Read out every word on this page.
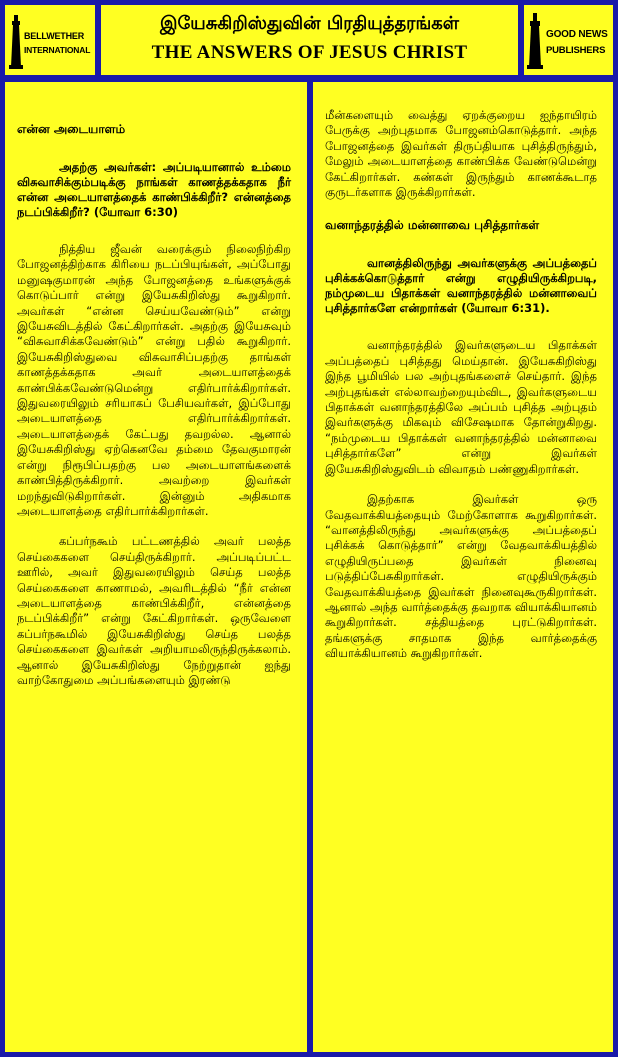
BELLWETHER
INTERNATIONAL
இயேசுகிறிஸ்துவின் பிரதியுத்தரங்கள்
THE ANSWERS OF JESUS CHRIST
GOOD NEWS
PUBLISHERS

என்ன அடையாளம்

அதற்கு அவர்கள்: அப்படியானால் உம்மை விசுவாசிக்கும்படிக்கு நாங்கள் காணத்தக்கதாக நீர் என்ன அடையாளத்தைக் காண்பிக்கிறீர்? என்னத்தை நடப்பிக்கிறீர்? (யோவா 6:30)

நித்திய ஜீவன் வரைக்கும் நிலைநிற்கிற போஜனத்திற்காக கிரியை நடப்பியுங்கள், அப்போது மனுஷகுமாரன் அந்த போஜனத்தை உங்களுக்குக் கொடுப்பார் என்று இயேசுகிறிஸ்து கூறுகிறார். அவர்கள் “என்ன செய்யவேண்டும்” என்று இயேசுவிடத்தில் கேட்கிறார்கள். அதற்கு இயேசுவும் “விசுவாசிக்கவேண்டும்” என்று பதில் கூறுகிறார். இயேசுகிறிஸ்துவை விசுவாசிப்பதற்கு தாங்கள் காணத்தக்கதாக அவர் அடையாளத்தைக் காண்பிக்கவேண்டுமென்று எதிர்பார்க்கிறார்கள். இதுவரையிலும் சரியாகப் பேசியவர்கள், இப்போது அடையாளத்தை எதிர்பார்க்கிறார்கள். அடையாளத்தைக் கேட்பது தவறல்ல. ஆனால் இயேசுகிறிஸ்து ஏற்கெனவே தம்மை தேவகுமாரன் என்று நிரூபிப்பதற்கு பல அடையாளங்களைக் காண்பித்திருக்கிறார். அவற்றை இவர்கள் மறந்துவிடுகிறார்கள். இன்னும் அதிகமாக அடையாளத்தை எதிர்பார்க்கிறார்கள்.

கப்பர்நகூம் பட்டணத்தில் அவர் பலத்த செய்கைகளை செய்திருக்கிறார். அப்படிப்பட்ட ஊரில், அவர் இதுவரையிலும் செய்த பலத்த செய்கைகளை காணாமல், அவரிடத்தில் “நீர் என்ன அடையாளத்தை காண்பிக்கிறீர், என்னத்தை நடப்பிக்கிறீர்” என்று கேட்கிறார்கள். ஒருவேளை கப்பர்நகூமில் இயேசுகிறிஸ்து செய்த பலத்த செய்கைகளை இவர்கள் அறியாமலிருந்திருக்கலாம். ஆனால் இயேசுகிறிஸ்து நேற்றுதான் ஐந்து வாற்கோதுமை அப்பங்களையும் இரண்டு

மீன்களையும் வைத்து ஏறக்குறைய ஐந்தாயிரம் பேருக்கு அற்புதமாக போஜனம்கொடுத்தார். அந்த போஜனத்தை இவர்கள் திருப்தியாக புசித்திருந்தும், மேலும் அடையாளத்தை காண்பிக்க வேண்டுமென்று கேட்கிறார்கள். கண்கள் இருந்தும் காணக்கூடாத குருடர்களாக இருக்கிறார்கள்.

வனாந்தரத்தில் மன்னாவை புசித்தார்கள்

வானத்திலிருந்து அவர்களுக்கு அப்பத்தைப் புசிக்கக்கொடுத்தார் என்று எழுதியிருக்கிறபடி, நம்முடைய பிதாக்கள் வனாந்தரத்தில் மன்னாவைப் புசித்தார்களே என்றார்கள் (யோவா 6:31).

வனாந்தரத்தில் இவர்களுடைய பிதாக்கள் அப்பத்தைப் புசித்தது மெய்தான். இயேசுகிறிஸ்து இந்த பூமியில் பல அற்புதங்களைச் செய்தார். இந்த அற்புதங்கள் எல்லாவற்றையும்விட, இவர்களுடைய பிதாக்கள் வனாந்தரத்திலே அப்பம் புசித்த அற்புதம் இவர்களுக்கு மிகவும் விசேஷமாக தோன்றுகிறது. “நம்முடைய பிதாக்கள் வனாந்தரத்தில் மன்னாவை புசித்தார்களே” என்று இவர்கள் இயேசுகிறிஸ்துவிடம் விவாதம் பண்ணுகிறார்கள்.

இதற்காக இவர்கள் ஒரு வேதவாக்கியத்தையும் மேற்கோளாக கூறுகிறார்கள். “வானத்திலிருந்து அவர்களுக்கு அப்பத்தைப் புசிக்கக் கொடுத்தார்” என்று வேதவாக்கியத்தில் எழுதியிருப்பதை இவர்கள் நினைவு படுத்திப்பேசுகிறார்கள். எழுதியிருக்கும் வேதவாக்கியத்தை இவர்கள் நினைவுகூருகிறார்கள். ஆனால் அந்த வார்த்தைக்கு தவறாக வியாக்கியானம் கூறுகிறார்கள். சத்தியத்தை புரட்டுகிறார்கள். தங்களுக்கு சாதமாக இந்த வார்த்தைக்கு வியாக்கியானம் கூறுகிறார்கள்.
